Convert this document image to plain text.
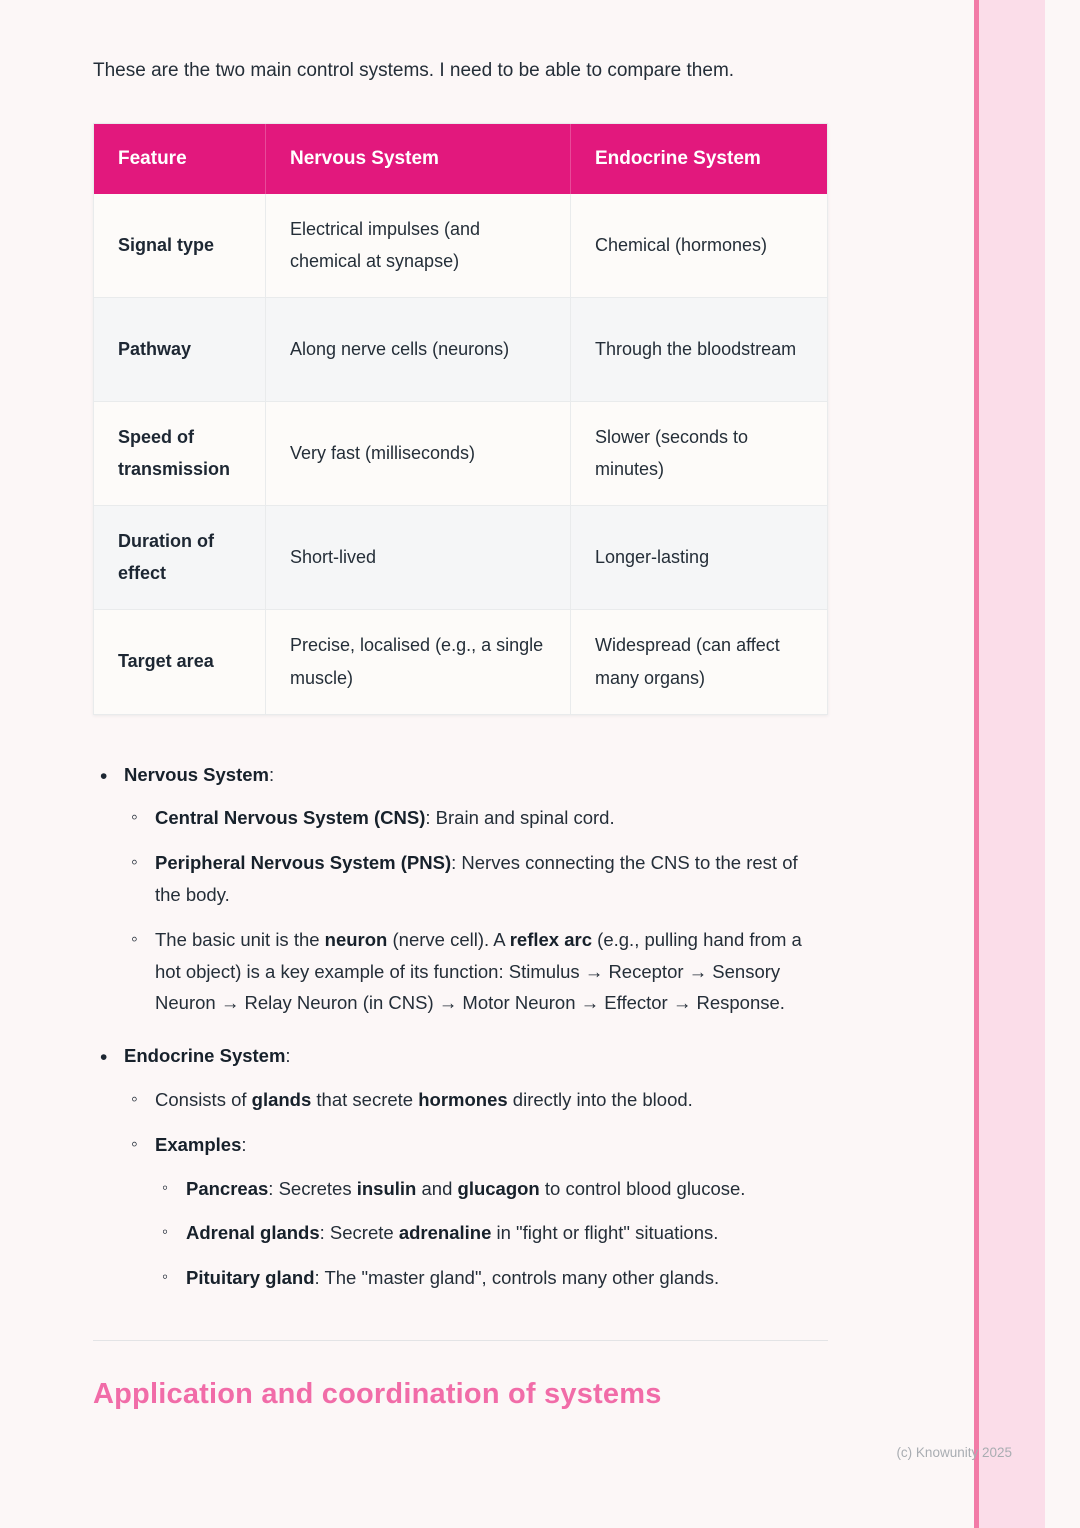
These are the two main control systems. I need to be able to compare them.

Feature	Nervous System	Endocrine System
Signal type	Electrical impulses (and chemical at synapse)	Chemical (hormones)
Pathway	Along nerve cells (neurons)	Through the bloodstream
Speed of transmission	Very fast (milliseconds)	Slower (seconds to minutes)
Duration of effect	Short-lived	Longer-lasting
Target area	Precise, localised (e.g., a single muscle)	Widespread (can affect many organs)
• Nervous System:
◦ Central Nervous System (CNS): Brain and spinal cord.
◦ Peripheral Nervous System (PNS): Nerves connecting the CNS to the rest of the body.
◦ The basic unit is the neuron (nerve cell). A reflex arc (e.g., pulling hand from a hot object) is a key example of its function: Stimulus → Receptor → Sensory Neuron → Relay Neuron (in CNS) → Motor Neuron → Effector → Response.
• Endocrine System:
◦ Consists of glands that secrete hormones directly into the blood.
◦ Examples:
◦ Pancreas: Secretes insulin and glucagon to control blood glucose.
◦ Adrenal glands: Secrete adrenaline in "fight or flight" situations.
◦ Pituitary gland: The "master gland", controls many other glands.
Application and coordination of systems
(c) Knowunity 2025
